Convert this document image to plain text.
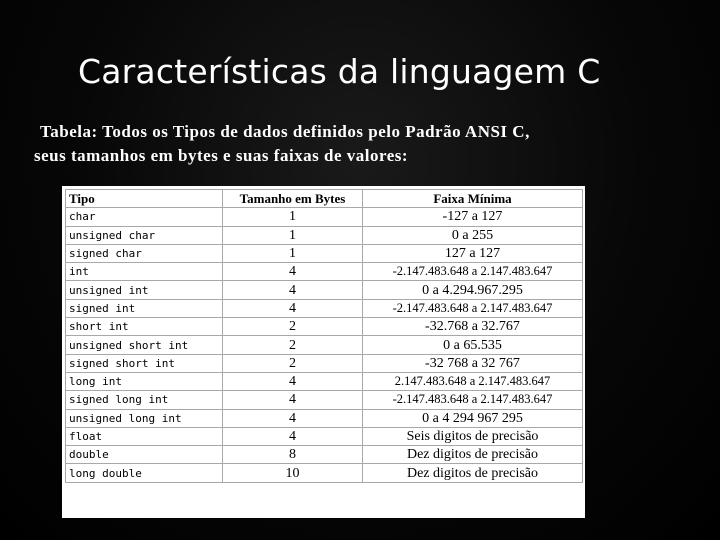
Características da linguagem C
Tabela: Todos os Tipos de dados definidos pelo Padrão ANSI C,
seus tamanhos em bytes e suas faixas de valores:
Tipo	Tamanho em Bytes	Faixa Mínima
char	1	-127 a 127
unsigned char	1	0 a 255
signed char	1	127 a 127
int	4	-2.147.483.648 a 2.147.483.647
unsigned int	4	0 a 4.294.967.295
signed int	4	-2.147.483.648 a 2.147.483.647
short int	2	-32.768 a 32.767
unsigned short int	2	0 a 65.535
signed short int	2	-32 768 a 32 767
long int	4	2.147.483.648 a 2.147.483.647
signed long int	4	-2.147.483.648 a 2.147.483.647
unsigned long int	4	0 a 4 294 967 295
float	4	Seis digitos de precisão
double	8	Dez digitos de precisão
long double	10	Dez digitos de precisão
